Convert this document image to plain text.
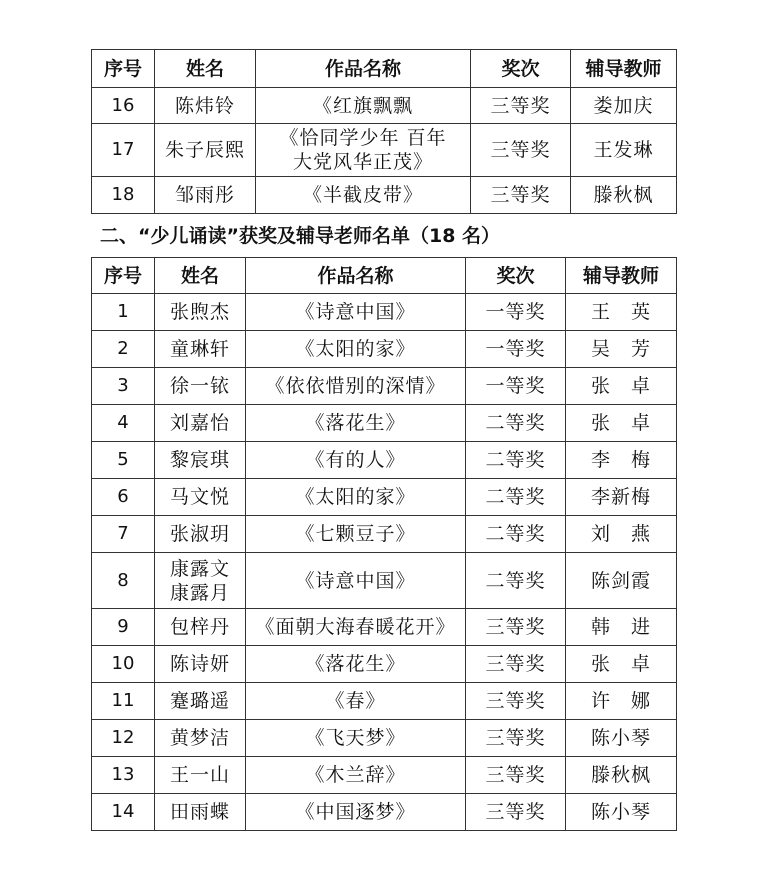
序号	姓名	作品名称	奖次	辅导教师
16	陈炜铃	《红旗飘飘	三等奖	娄加庆
17	朱子辰熙	《恰同学少年 百年大党风华正茂》	三等奖	王发琳
18	邹雨彤	《半截皮带》	三等奖	滕秋枫
二、“少儿诵读”获奖及辅导老师名单（18 名）
序号	姓名	作品名称	奖次	辅导教师
1	张煦杰	《诗意中国》	一等奖	王　英
2	童琳轩	《太阳的家》	一等奖	吴　芳
3	徐一铱	《依依惜别的深情》	一等奖	张　卓
4	刘嘉怡	《落花生》	二等奖	张　卓
5	黎宸琪	《有的人》	二等奖	李　梅
6	马文悦	《太阳的家》	二等奖	李新梅
7	张淑玥	《七颗豆子》	二等奖	刘　燕
8	康露文 康露月	《诗意中国》	二等奖	陈剑霞
9	包梓丹	《面朝大海春暖花开》	三等奖	韩　进
10	陈诗妍	《落花生》	三等奖	张　卓
11	蹇璐遥	《春》	三等奖	许　娜
12	黄梦洁	《飞天梦》	三等奖	陈小琴
13	王一山	《木兰辞》	三等奖	滕秋枫
14	田雨蝶	《中国逐梦》	三等奖	陈小琴
